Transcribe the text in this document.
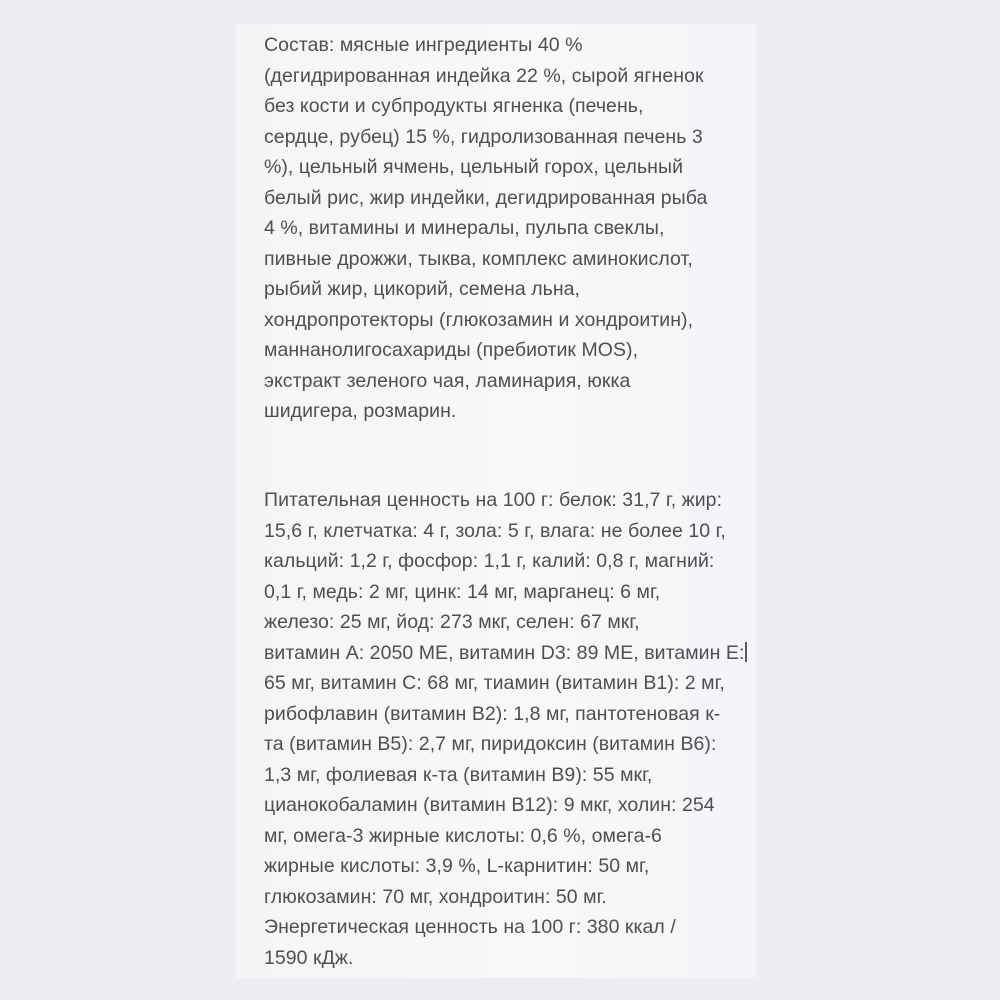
Состав: мясные ингредиенты 40 %
(дегидрированная индейка 22 %, сырой ягненок
без кости и субпродукты ягненка (печень,
сердце, рубец) 15 %, гидролизованная печень 3
%), цельный ячмень, цельный горох, цельный
белый рис, жир индейки, дегидрированная рыба
4 %, витамины и минералы, пульпа свеклы,
пивные дрожжи, тыква, комплекс аминокислот,
рыбий жир, цикорий, семена льна,
хондропротекторы (глюкозамин и хондроитин),
маннанолигосахариды (пребиотик MOS),
экстракт зеленого чая, ламинария, юкка
шидигера, розмарин.
Питательная ценность на 100 г: белок: 31,7 г, жир:
15,6 г, клетчатка: 4 г, зола: 5 г, влага: не более 10 г,
кальций: 1,2 г, фосфор: 1,1 г, калий: 0,8 г, магний:
0,1 г, медь: 2 мг, цинк: 14 мг, марганец: 6 мг,
железо: 25 мг, йод: 273 мкг, селен: 67 мкг,
витамин А: 2050 МЕ, витамин D3: 89 МЕ, витамин Е:
65 мг, витамин С: 68 мг, тиамин (витамин В1): 2 мг,
рибофлавин (витамин В2): 1,8 мг, пантотеновая к-
та (витамин В5): 2,7 мг, пиридоксин (витамин В6):
1,3 мг, фолиевая к-та (витамин В9): 55 мкг,
цианокобаламин (витамин В12): 9 мкг, холин: 254
мг, омега-3 жирные кислоты: 0,6 %, омега-6
жирные кислоты: 3,9 %, L-карнитин: 50 мг,
глюкозамин: 70 мг, хондроитин: 50 мг.
Энергетическая ценность на 100 г: 380 ккал /
1590 кДж.
